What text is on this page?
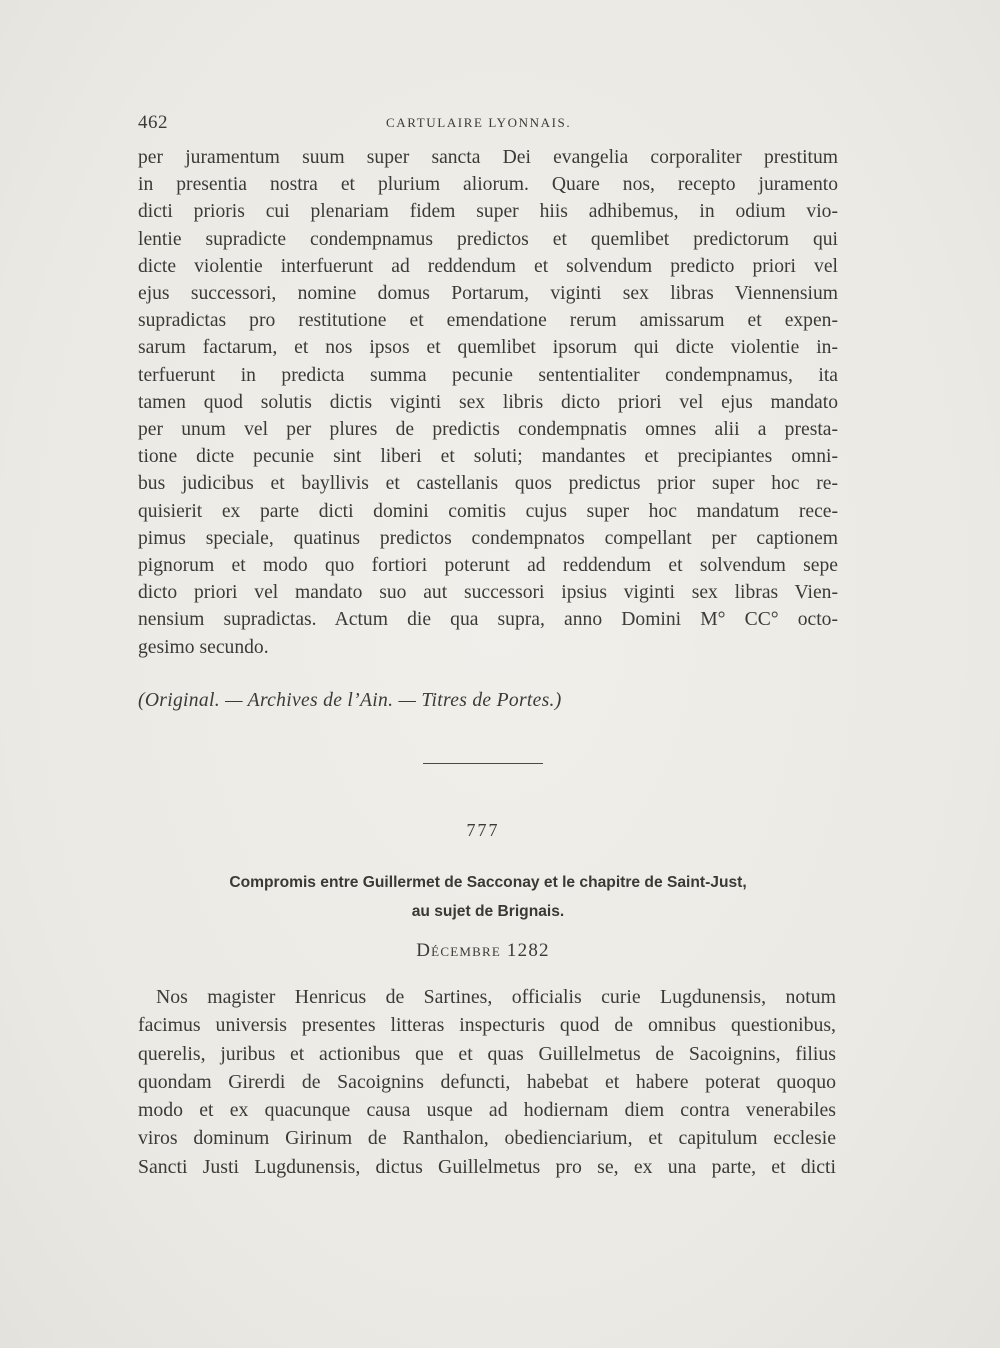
462	CARTULAIRE LYONNAIS.

per juramentum suum super sancta Dei evangelia corporaliter prestitum
in presentia nostra et plurium aliorum. Quare nos, recepto juramento
dicti prioris cui plenariam fidem super hiis adhibemus, in odium vio-
lentie supradicte condempnamus predictos et quemlibet predictorum qui
dicte violentie interfuerunt ad reddendum et solvendum predicto priori vel
ejus successori, nomine domus Portarum, viginti sex libras Viennensium
supradictas pro restitutione et emendatione rerum amissarum et expen-
sarum factarum, et nos ipsos et quemlibet ipsorum qui dicte violentie in-
terfuerunt in predicta summa pecunie sententialiter condempnamus, ita
tamen quod solutis dictis viginti sex libris dicto priori vel ejus mandato
per unum vel per plures de predictis condempnatis omnes alii a presta-
tione dicte pecunie sint liberi et soluti; mandantes et precipiantes omni-
bus judicibus et bayllivis et castellanis quos predictus prior super hoc re-
quisierit ex parte dicti domini comitis cujus super hoc mandatum rece-
pimus speciale, quatinus predictos condempnatos compellant per captionem
pignorum et modo quo fortiori poterunt ad reddendum et solvendum sepe
dicto priori vel mandato suo aut successori ipsius viginti sex libras Vien-
nensium supradictas. Actum die qua supra, anno Domini M° CC° octo-
gesimo secundo.

(Original. — Archives de l’Ain. — Titres de Portes.)
777
Compromis entre Guillermet de Sacconay et le chapitre de Saint-Just,
au sujet de Brignais.
Décembre 1282

Nos magister Henricus de Sartines, officialis curie Lugdunensis, notum
facimus universis presentes litteras inspecturis quod de omnibus questionibus,
querelis, juribus et actionibus que et quas Guillelmetus de Sacoignins, filius
quondam Girerdi de Sacoignins defuncti, habebat et habere poterat quoquo
modo et ex quacunque causa usque ad hodiernam diem contra venerabiles
viros dominum Girinum de Ranthalon, obedienciarium, et capitulum ecclesie
Sancti Justi Lugdunensis, dictus Guillelmetus pro se, ex una parte, et dicti
